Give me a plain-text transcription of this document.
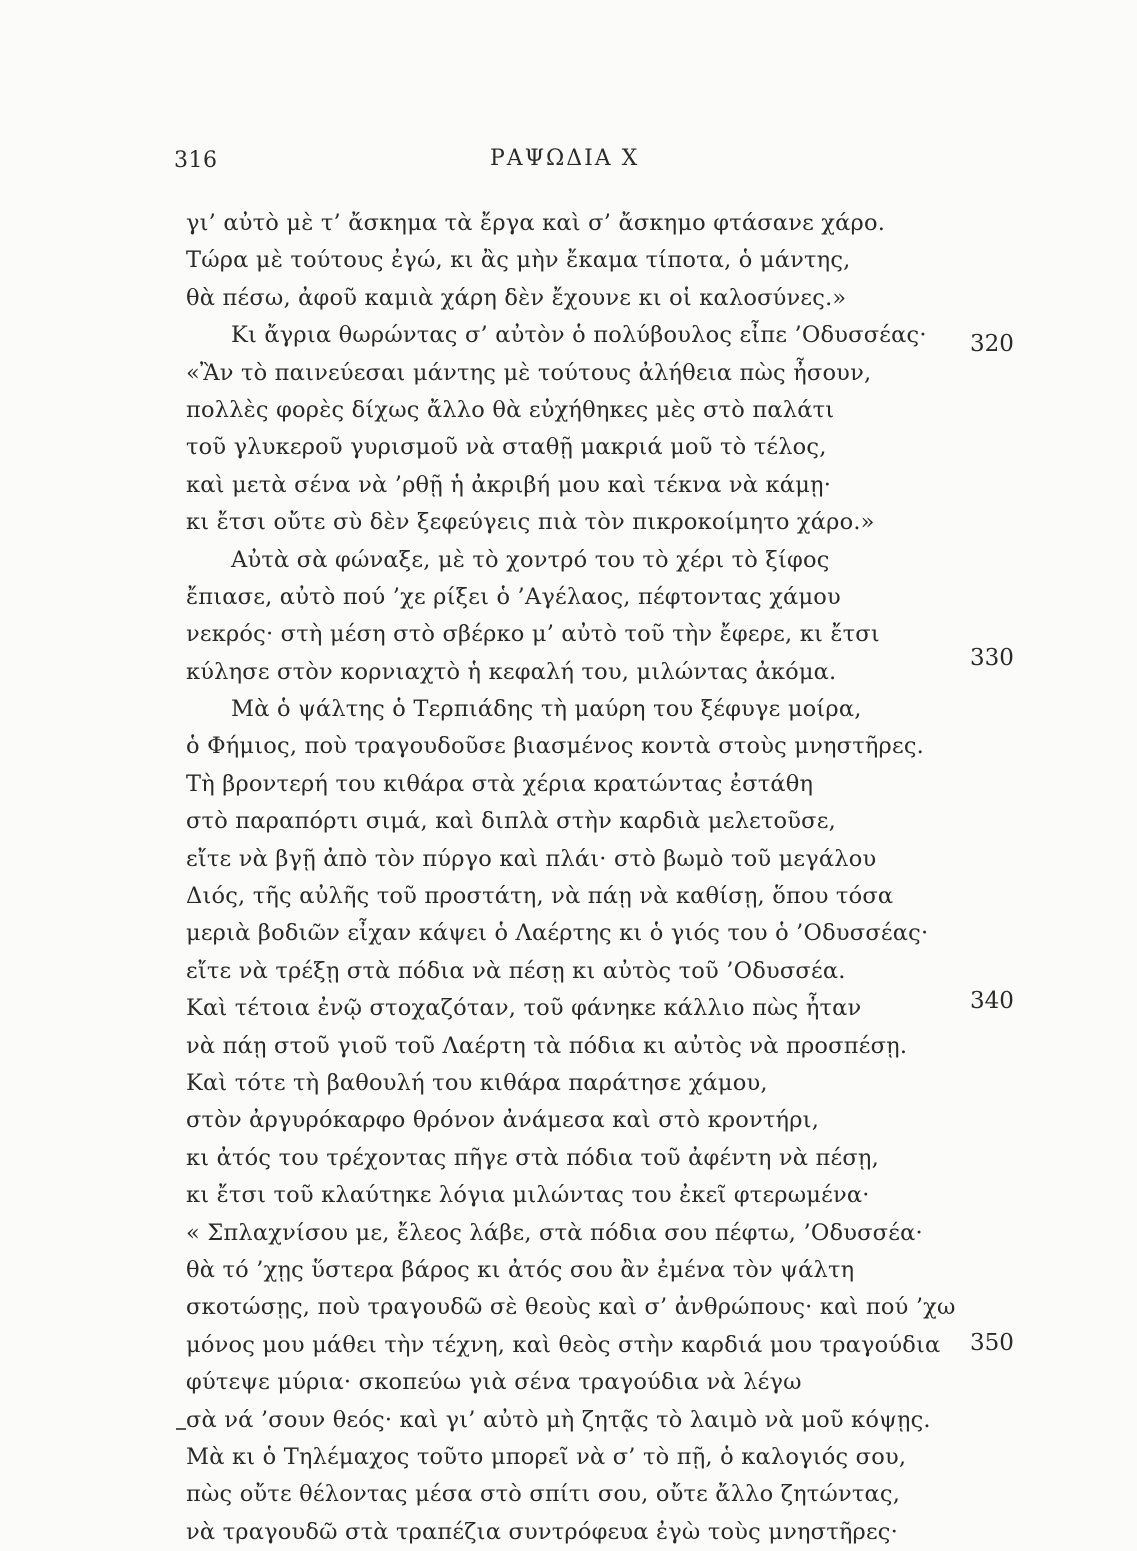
316	ΡΑΨΩΔΙΑ Χ
γι’ αὐτὸ μὲ τ’ ἄσκημα τὰ ἔργα καὶ σ’ ἄσκημο φτάσανε χάρο.
Τώρα μὲ τούτους ἐγώ, κι ἂς μὴν ἔκαμα τίποτα, ὁ μάντης,
θὰ πέσω, ἀφοῦ καμιὰ χάρη δὲν ἔχουνε κι οἱ καλοσύνες.»
Κι ἄγρια θωρώντας σ’ αὐτὸν ὁ πολύβουλος εἶπε ’Οδυσσέας·
«Ἂν τὸ παινεύεσαι μάντης μὲ τούτους ἀλήθεια πὼς ἦσουν,
πολλὲς φορὲς δίχως ἄλλο θὰ εὐχήθηκες μὲς στὸ παλάτι
τοῦ γλυκεροῦ γυρισμοῦ νὰ σταθῇ μακριά μοῦ τὸ τέλος,
καὶ μετὰ σένα νὰ ’ρθῇ ἡ ἀκριβή μου καὶ τέκνα νὰ κάμῃ·
κι ἔτσι οὔτε σὺ δὲν ξεφεύγεις πιὰ τὸν πικροκοίμητο χάρο.»
Αὐτὰ σὰ φώναξε, μὲ τὸ χοντρό του τὸ χέρι τὸ ξίφος
ἔπιασε, αὐτὸ πού ’χε ρίξει ὁ ’Αγέλαος, πέφτοντας χάμου
νεκρός· στὴ μέση στὸ σβέρκο μ’ αὐτὸ τοῦ τὴν ἔφερε, κι ἔτσι
κύλησε στὸν κορνιαχτὸ ἡ κεφαλή του, μιλώντας ἀκόμα.
Μὰ ὁ ψάλτης ὁ Τερπιάδης τὴ μαύρη του ξέφυγε μοίρα,
ὁ Φήμιος, ποὺ τραγουδοῦσε βιασμένος κοντὰ στοὺς μνηστῆρες.
Τὴ βροντερή του κιθάρα στὰ χέρια κρατώντας ἐστάθη
στὸ παραπόρτι σιμά, καὶ διπλὰ στὴν καρδιὰ μελετοῦσε,
εἴτε νὰ βγῇ ἀπὸ τὸν πύργο καὶ πλάι· στὸ βωμὸ τοῦ μεγάλου
Διός, τῆς αὐλῆς τοῦ προστάτη, νὰ πάῃ νὰ καθίσῃ, ὅπου τόσα
μεριὰ βοδιῶν εἶχαν κάψει ὁ Λαέρτης κι ὁ γιός του ὁ ’Οδυσσέας·
εἴτε νὰ τρέξῃ στὰ πόδια νὰ πέσῃ κι αὐτὸς τοῦ ’Οδυσσέα.
Καὶ τέτοια ἐνῷ στοχαζόταν, τοῦ φάνηκε κάλλιο πὼς ἦταν
νὰ πάῃ στοῦ γιοῦ τοῦ Λαέρτη τὰ πόδια κι αὐτὸς νὰ προσπέσῃ.
Καὶ τότε τὴ βαθουλή του κιθάρα παράτησε χάμου,
στὸν ἀργυρόκαρφο θρόνον ἀνάμεσα καὶ στὸ κροντήρι,
κι ἀτός του τρέχοντας πῆγε στὰ πόδια τοῦ ἀφέντη νὰ πέσῃ,
κι ἔτσι τοῦ κλαύτηκε λόγια μιλώντας του ἐκεῖ φτερωμένα·
« Σπλαχνίσου με, ἔλεος λάβε, στὰ πόδια σου πέφτω, ’Οδυσσέα·
θὰ τό ’χῃς ὕστερα βάρος κι ἀτός σου ἂν ἐμένα τὸν ψάλτη
σκοτώσῃς, ποὺ τραγουδῶ σὲ θεοὺς καὶ σ’ ἀνθρώπους· καὶ πού ’χω
μόνος μου μάθει τὴν τέχνη, καὶ θεὸς στὴν καρδιά μου τραγούδια
φύτεψε μύρια· σκοπεύω γιὰ σένα τραγούδια νὰ λέγω
σὰ νά ’σουν θεός· καὶ γι’ αὐτὸ μὴ ζητᾷς τὸ λαιμὸ νὰ μοῦ κόψῃς.
Μὰ κι ὁ Τηλέμαχος τοῦτο μπορεῖ νὰ σ’ τὸ πῇ, ὁ καλογιός σου,
πὼς οὔτε θέλοντας μέσα στὸ σπίτι σου, οὔτε ἄλλο ζητώντας,
νὰ τραγουδῶ στὰ τραπέζια συντρόφευα ἐγὼ τοὺς μνηστῆρες·
320
330
340
350
